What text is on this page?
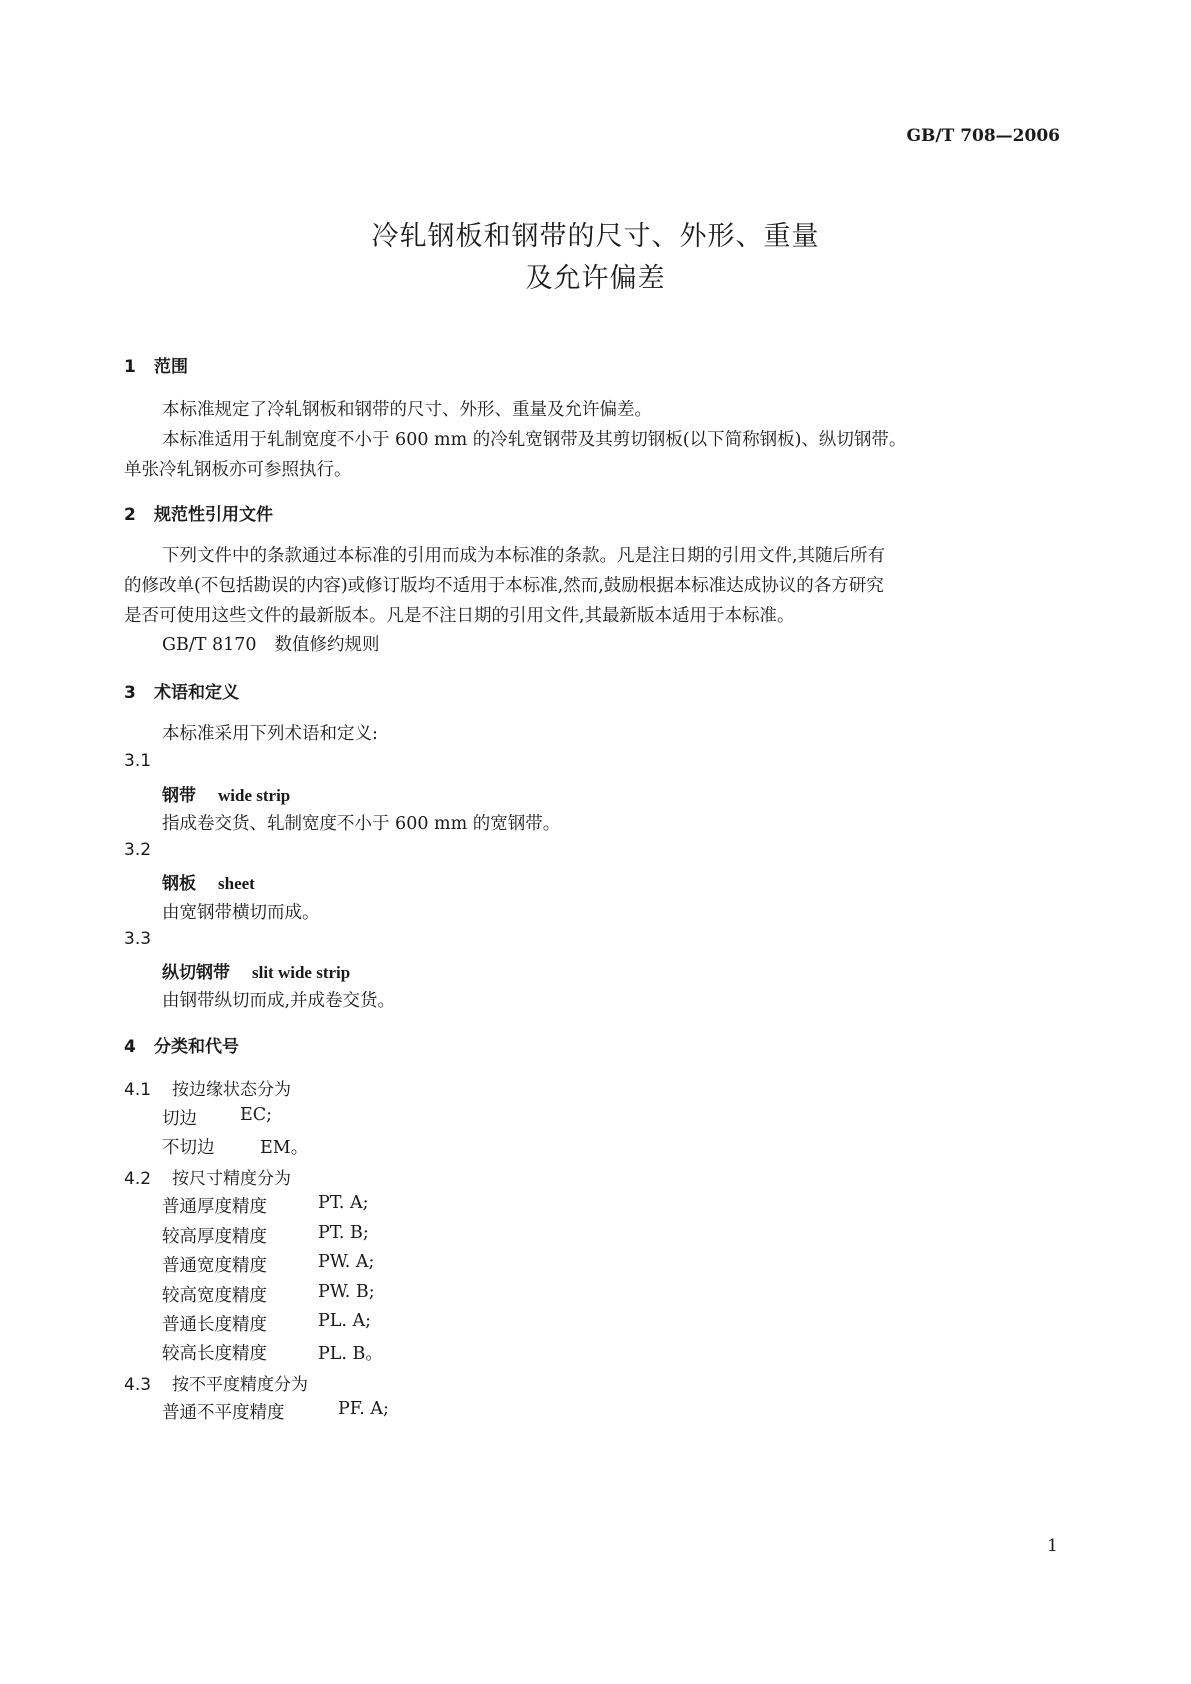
GB/T 708—2006
冷轧钢板和钢带的尺寸、外形、重量
及允许偏差
1 范围
本标准规定了冷轧钢板和钢带的尺寸、外形、重量及允许偏差。
本标准适用于轧制宽度不小于 600 mm 的冷轧宽钢带及其剪切钢板(以下简称钢板)、纵切钢带。
单张冷轧钢板亦可参照执行。
2 规范性引用文件
下列文件中的条款通过本标准的引用而成为本标准的条款。凡是注日期的引用文件,其随后所有
的修改单(不包括勘误的内容)或修订版均不适用于本标准,然而,鼓励根据本标准达成协议的各方研究
是否可使用这些文件的最新版本。凡是不注日期的引用文件,其最新版本适用于本标准。
GB/T 8170 数值修约规则
3 术语和定义
本标准采用下列术语和定义:
3.1
钢带 wide strip
指成卷交货、轧制宽度不小于 600 mm 的宽钢带。
3.2
钢板 sheet
由宽钢带横切而成。
3.3
纵切钢带 slit wide strip
由钢带纵切而成,并成卷交货。
4 分类和代号
4.1 按边缘状态分为
切边 EC;
不切边	EM。
4.2 按尺寸精度分为
普通厚度精度	PT. A;
较高厚度精度	PT. B;
普通宽度精度	PW. A;
较高宽度精度	PW. B;
普通长度精度	PL. A;
较高长度精度	PL. B。
4.3 按不平度精度分为
普通不平度精度	PF. A;
1
